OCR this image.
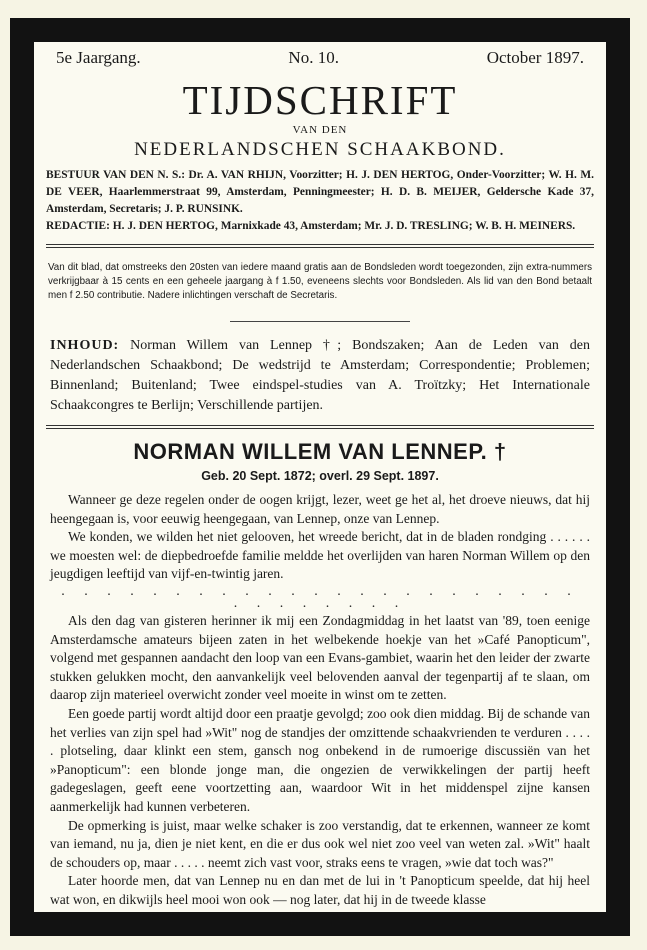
5e Jaargang.	No. 10.	October 1897.
TIJDSCHRIFT
VAN DEN
NEDERLANDSCHEN SCHAAKBOND.
BESTUUR VAN DEN N. S.: Dr. A. VAN RHIJN, Voorzitter; H. J. DEN HERTOG, Onder-Voorzitter; W. H. M. DE VEER, Haarlemmerstraat 99, Amsterdam, Penningmeester; H. D. B. MEIJER, Geldersche Kade 37, Amsterdam, Secretaris; J. P. RUNSINK.
REDACTIE: H. J. DEN HERTOG, Marnixkade 43, Amsterdam; Mr. J. D. TRESLING; W. B. H. MEINERS.
Van dit blad, dat omstreeks den 20sten van iedere maand gratis aan de Bondsleden wordt toegezonden, zijn extra-nummers verkrijgbaar à 15 cents en een geheele jaargang à f 1.50, eveneens slechts voor Bondsleden. Als lid van den Bond betaalt men f 2.50 contributie. Nadere inlichtingen verschaft de Secretaris.
INHOUD: Norman Willem van Lennep †; Bondszaken; Aan de Leden van den Nederlandschen Schaakbond; De wedstrijd te Amsterdam; Correspondentie; Problemen; Binnenland; Buitenland; Twee eindspel-studies van A. Troïtzky; Het Internationale Schaakcongres te Berlijn; Verschillende partijen.
NORMAN WILLEM VAN LENNEP. †
Geb. 20 Sept. 1872; overl. 29 Sept. 1897.

Wanneer ge deze regelen onder de oogen krijgt, lezer, weet ge het al, het droeve nieuws, dat hij heengegaan is, voor eeuwig heengegaan, van Lennep, onze van Lennep.

We konden, we wilden het niet gelooven, het wreede bericht, dat in de bladen rondging . . . . . . we moesten wel: de diepbedroefde familie meldde het overlijden van haren Norman Willem op den jeugdigen leeftijd van vijf-en-twintig jaren.

. . . . . . . . . . . . . . . . . . . . . . . . . . . . . . .

Als den dag van gisteren herinner ik mij een Zondagmiddag in het laatst van '89, toen eenige Amsterdamsche amateurs bijeen zaten in het welbekende hoekje van het »Café Panopticum", volgend met gespannen aandacht den loop van een Evans-gambiet, waarin het den leider der zwarte stukken gelukken mocht, den aanvankelijk veel belovenden aanval der tegenpartij af te slaan, om daarop zijn materieel overwicht zonder veel moeite in winst om te zetten.

Een goede partij wordt altijd door een praatje gevolgd; zoo ook dien middag. Bij de schande van het verlies van zijn spel had »Wit" nog de standjes der omzittende schaakvrienden te verduren . . . . . plotseling, daar klinkt een stem, gansch nog onbekend in de rumoerige discussiën van het »Panopticum": een blonde jonge man, die ongezien de verwikkelingen der partij heeft gadegeslagen, geeft eene voortzetting aan, waardoor Wit in het middenspel zijne kansen aanmerkelijk had kunnen verbeteren.

De opmerking is juist, maar welke schaker is zoo verstandig, dat te erkennen, wanneer ze komt van iemand, nu ja, dien je niet kent, en die er dus ook wel niet zoo veel van weten zal. »Wit" haalt de schouders op, maar . . . . . neemt zich vast voor, straks eens te vragen, »wie dat toch was?"

Later hoorde men, dat van Lennep nu en dan met de lui in 't Panopticum speelde, dat hij heel wat won, en dikwijls heel mooi won ook — nog later, dat hij in de tweede klasse
